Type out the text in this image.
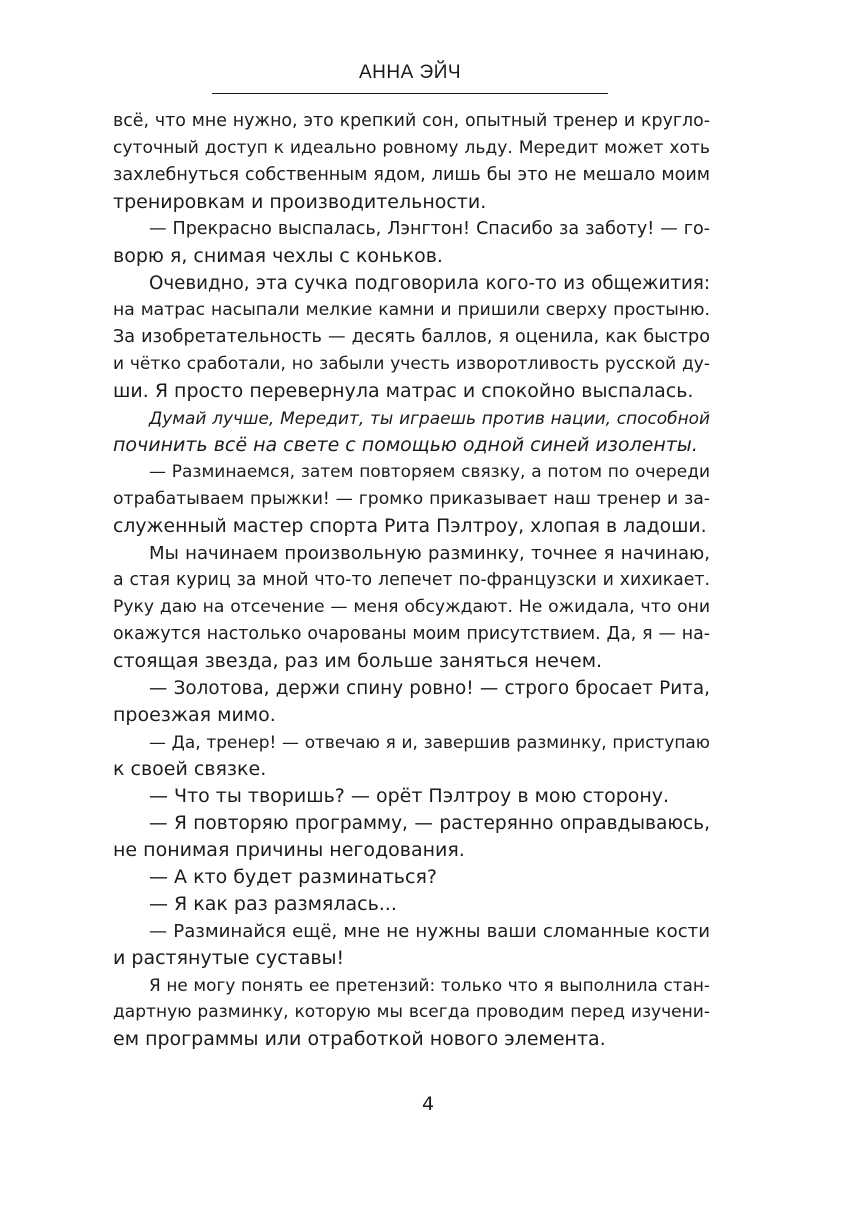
АННА ЭЙЧ
всё, что мне нужно, это крепкий сон, опытный тренер и кругло-
суточный доступ к идеально ровному льду. Мередит может хоть
захлебнуться собственным ядом, лишь бы это не мешало моим
тренировкам и производительности.
— Прекрасно выспалась, Лэнгтон! Спасибо за заботу! — го-
ворю я, снимая чехлы с коньков.
Очевидно, эта сучка подговорила кого-то из общежития:
на матрас насыпали мелкие камни и пришили сверху простыню.
За изобретательность — десять баллов, я оценила, как быстро
и чётко сработали, но забыли учесть изворотливость русской ду-
ши. Я просто перевернула матрас и спокойно выспалась.
Думай лучше, Мередит, ты играешь против нации, способной
починить всё на свете с помощью одной синей изоленты.
— Разминаемся, затем повторяем связку, а потом по очереди
отрабатываем прыжки! — громко приказывает наш тренер и за-
служенный мастер спорта Рита Пэлтроу, хлопая в ладоши.
Мы начинаем произвольную разминку, точнее я начинаю,
а стая куриц за мной что-то лепечет по-французски и хихикает.
Руку даю на отсечение — меня обсуждают. Не ожидала, что они
окажутся настолько очарованы моим присутствием. Да, я — на-
стоящая звезда, раз им больше заняться нечем.
— Золотова, держи спину ровно! — строго бросает Рита,
проезжая мимо.
— Да, тренер! — отвечаю я и, завершив разминку, приступаю
к своей связке.
— Что ты творишь? — орёт Пэлтроу в мою сторону.
— Я повторяю программу, — растерянно оправдываюсь,
не понимая причины негодования.
— А кто будет разминаться?
— Я как раз размялась...
— Разминайся ещё, мне не нужны ваши сломанные кости
и растянутые суставы!
Я не могу понять ее претензий: только что я выполнила стан-
дартную разминку, которую мы всегда проводим перед изучени-
ем программы или отработкой нового элемента.
4
